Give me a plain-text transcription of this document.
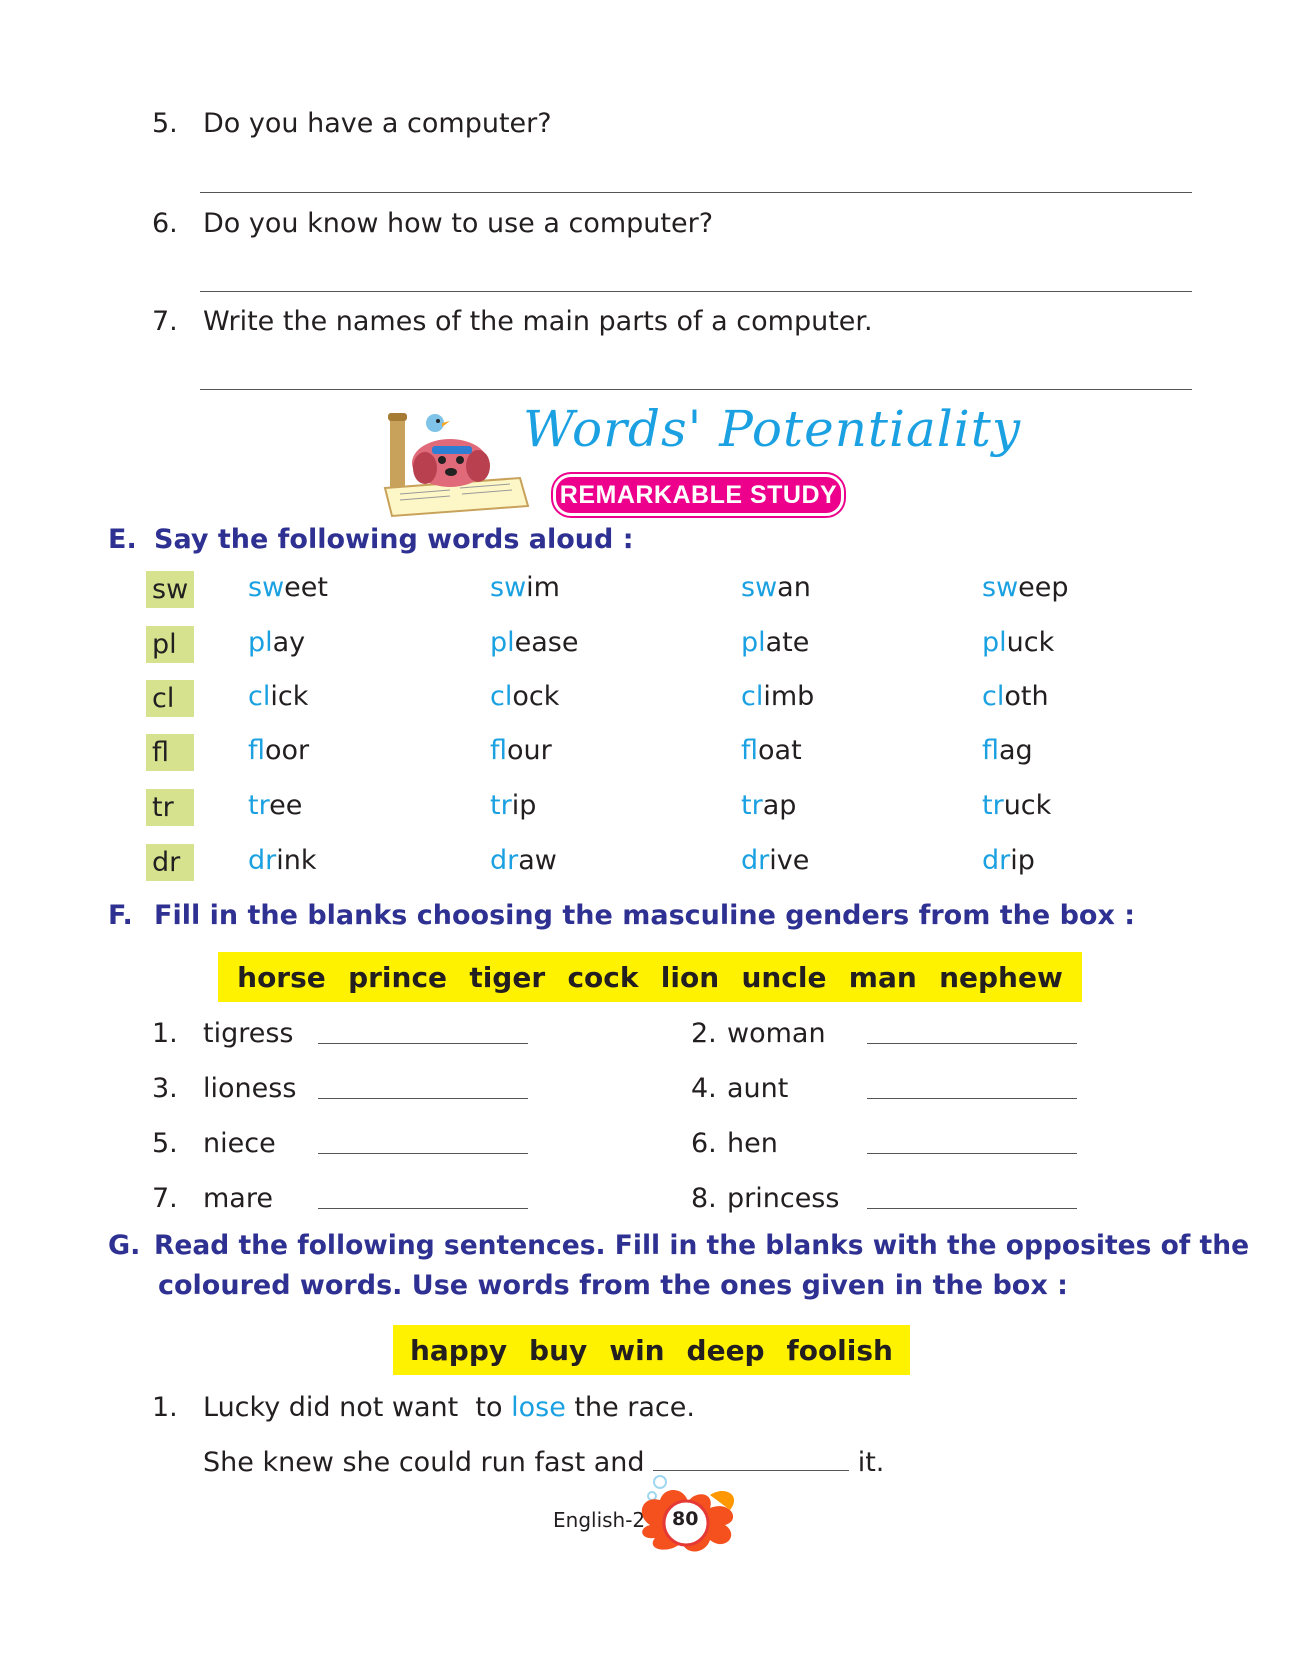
5. Do you have a computer?
6. Do you know how to use a computer?
7. Write the names of the main parts of a computer.
Words' Potentiality
REMARKABLE STUDY
E. Say the following words aloud :
sw sweet	swim	swan	sweep
pl	play	please	plate	pluck
cl	click	clock	climb	cloth
fl	floor	flour	float	flag
tr	tree	trip	trap	truck
dr	drink	draw	drive	drip
F. Fill in the blanks choosing the masculine genders from the box :
horse prince tiger cock lion uncle man nephew
1. tigress
3. lioness
5. niece
7. mare
2. woman
4. aunt
6. hen
8. princess
G. Read the following sentences. Fill in the blanks with the opposites of the
coloured words. Use words from the ones given in the box :
happy buy win deep foolish
1. Lucky did not want  to lose the race.
She knew she could run fast and	it.
English-2 80
